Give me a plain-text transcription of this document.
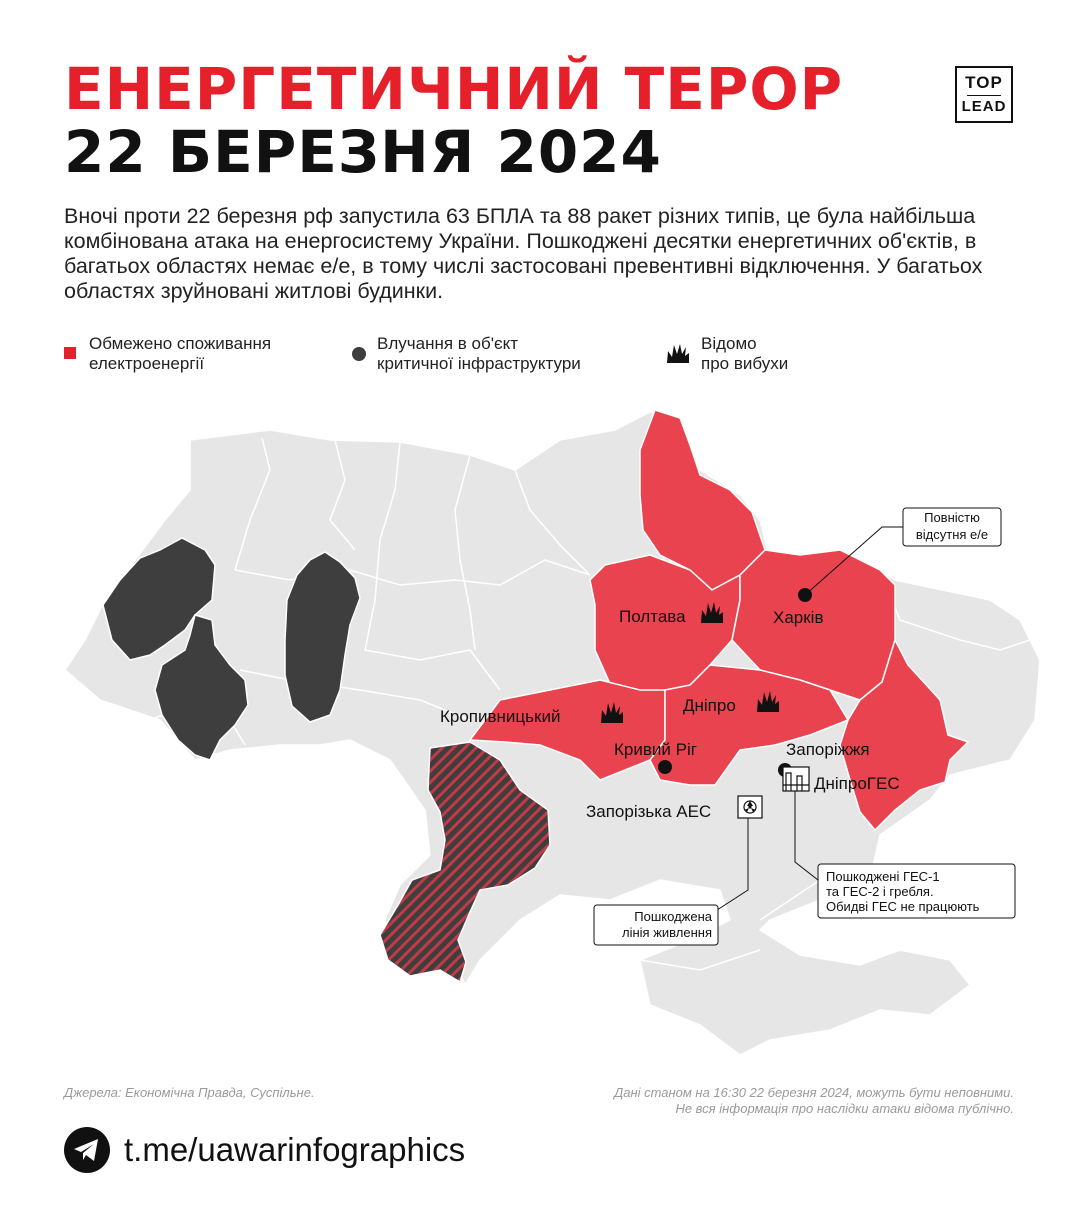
ЕНЕРГЕТИЧНИЙ ТЕРОР
22 БЕРЕЗНЯ 2024
TOP
LEAD

Вночі проти 22 березня рф запустила 63 БПЛА та 88 ракет різних типів, це була найбільша комбінована атака на енергосистему України. Пошкоджені десятки енергетичних об'єктів, в багатьох областях немає е/е, в тому числі застосовані превентивні відключення. У багатьох областях зруйновані житлові будинки.

Обмежено споживання
електроенергії
Влучання в об'єкт
критичної інфраструктури
Відомо
про вибухи
Повністю
відсутня е/е
Пошкоджені ГЕС-1
та ГЕС-2 і гребля.
Обидві ГЕС не працюють
Пошкоджена
лінія живлення
Полтава	Харків
Кропивницький
Дніпро
Кривий Ріг	Запоріжжя
ДніпроГЕС
Запорізька АЕС
Джерела: Економічна Правда, Суспільне.	Дані станом на 16:30 22 березня 2024, можуть бути неповними.
Не вся інформація про наслідки атаки відома публічно.
t.me/uawarinfographics
